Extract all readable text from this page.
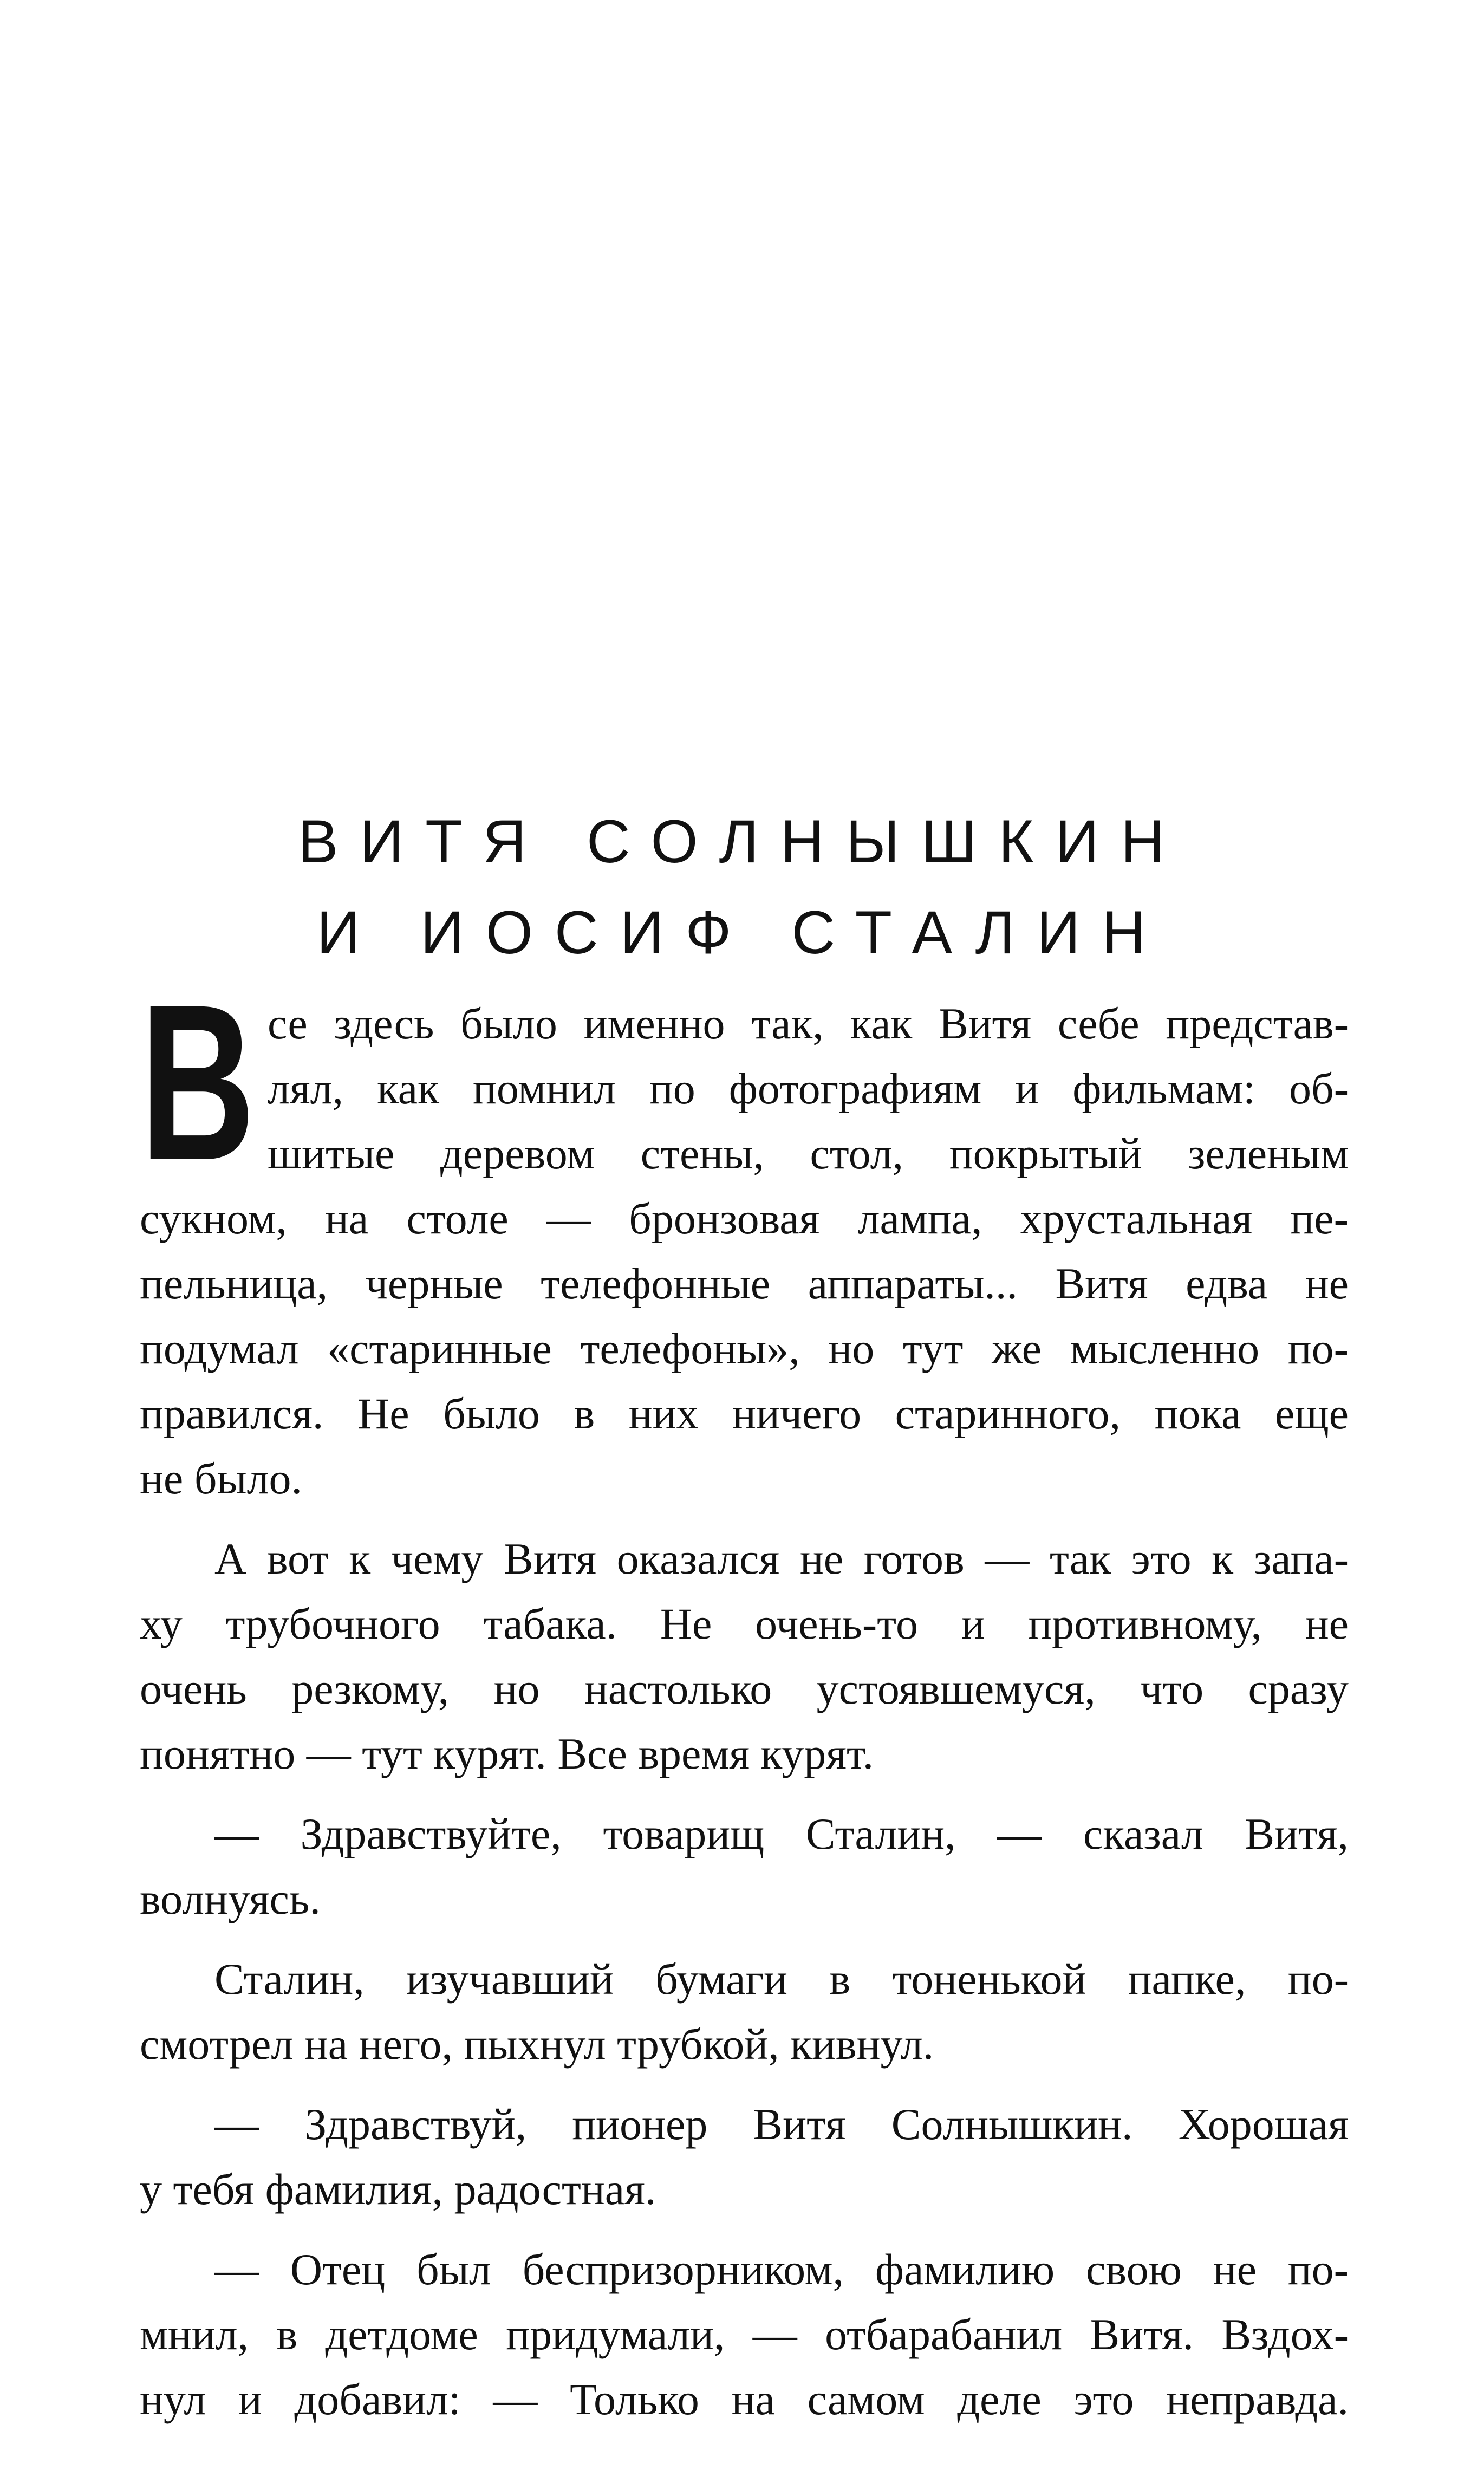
ВИТЯ СОЛНЫШКИН
И ИОСИФ СТАЛИН
В се здесь было именно так, как Витя себе представ-
лял, как помнил по фотографиям и фильмам: об-
шитые деревом стены, стол, покрытый зеленым
сукном, на столе — бронзовая лампа, хрустальная пе-
пельница, черные телефонные аппараты... Витя едва не
подумал «старинные телефоны», но тут же мысленно по-
правился. Не было в них ничего старинного, пока еще
не было.
А вот к чему Витя оказался не готов — так это к запа-
ху трубочного табака. Не очень-то и противному, не
очень резкому, но настолько устоявшемуся, что сразу
понятно — тут курят. Все время курят.
— Здравствуйте, товарищ Сталин, — сказал Витя,
волнуясь.
Сталин, изучавший бумаги в тоненькой папке, по-
смотрел на него, пыхнул трубкой, кивнул.
— Здравствуй, пионер Витя Солнышкин. Хорошая
у тебя фамилия, радостная.
— Отец был беспризорником, фамилию свою не по-
мнил, в детдоме придумали, — отбарабанил Витя. Вздох-
нул и добавил: — Только на самом деле это неправда.
